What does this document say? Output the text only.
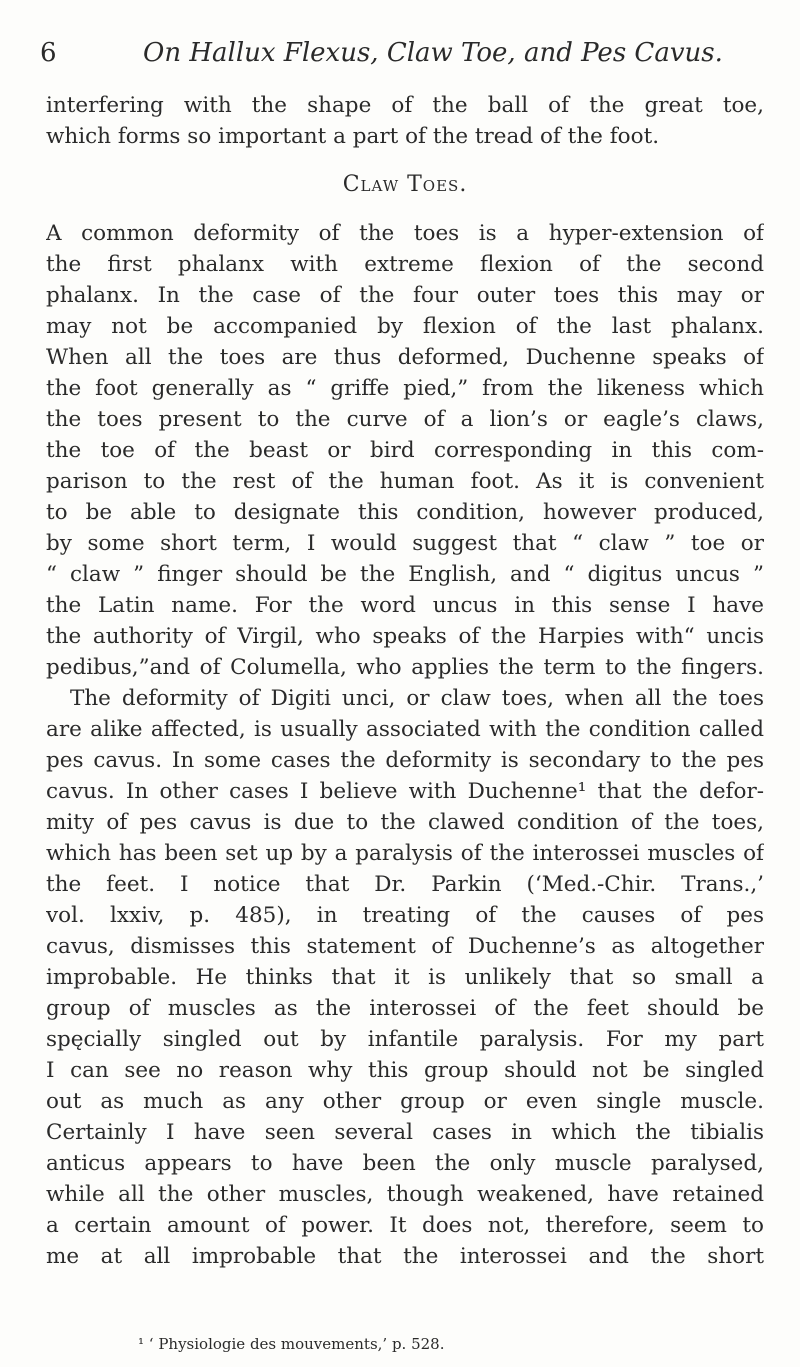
6	On Hallux Flexus, Claw Toe, and Pes Cavus.
interfering with the shape of the ball of the great toe,
which forms so important a part of the tread of the foot.
Claw Toes.
A common deformity of the toes is a hyper-extension of
the first phalanx with extreme flexion of the second
phalanx. In the case of the four outer toes this may or
may not be accompanied by flexion of the last phalanx.
When all the toes are thus deformed, Duchenne speaks of
the foot generally as “ griffe pied,” from the likeness which
the toes present to the curve of a lion’s or eagle’s claws,
the toe of the beast or bird corresponding in this com-
parison to the rest of the human foot. As it is convenient
to be able to designate this condition, however produced,
by some short term, I would suggest that “ claw ” toe or
“ claw ” finger should be the English, and “ digitus uncus ”
the Latin name. For the word uncus in this sense I have
the authority of Virgil, who speaks of the Harpies with“ uncis
pedibus,”and of Columella, who applies the term to the fingers.
The deformity of Digiti unci, or claw toes, when all the toes
are alike affected, is usually associated with the condition called
pes cavus. In some cases the deformity is secondary to the pes
cavus. In other cases I believe with Duchenne¹ that the defor-
mity of pes cavus is due to the clawed condition of the toes,
which has been set up by a paralysis of the interossei muscles of
the feet. I notice that Dr. Parkin (‘Med.-Chir. Trans.,’
vol. lxxiv, p. 485), in treating of the causes of pes
cavus, dismisses this statement of Duchenne’s as altogether
improbable. He thinks that it is unlikely that so small a
group of muscles as the interossei of the feet should be
spęcially singled out by infantile paralysis. For my part
I can see no reason why this group should not be singled
out as much as any other group or even single muscle.
Certainly I have seen several cases in which the tibialis
anticus appears to have been the only muscle paralysed,
while all the other muscles, though weakened, have retained
a certain amount of power. It does not, therefore, seem to
me at all improbable that the interossei and the short
¹ ‘ Physiologie des mouvements,’ p. 528.
